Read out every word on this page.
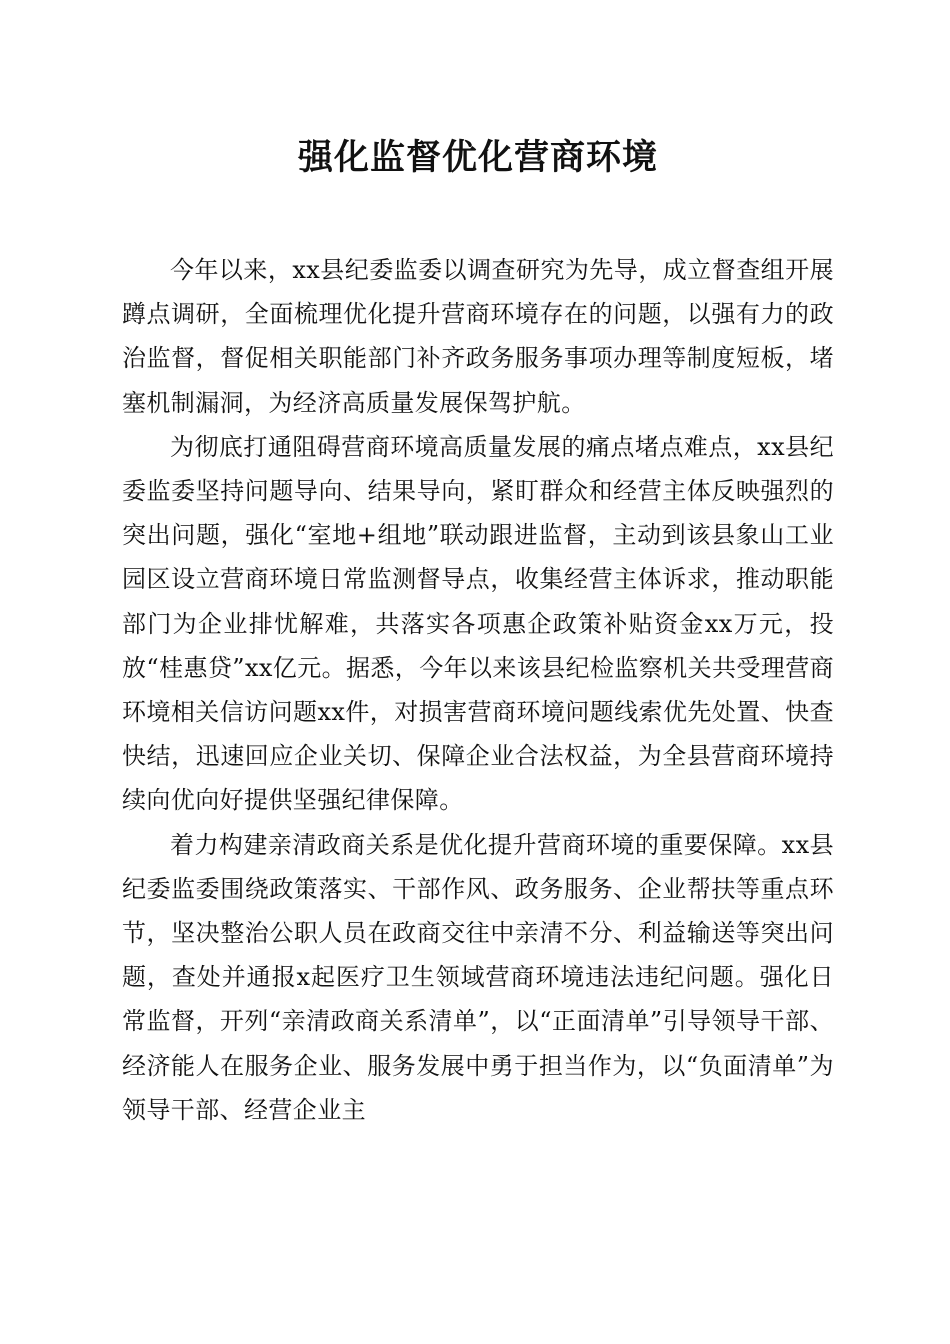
强化监督优化营商环境

今年以来，xx县纪委监委以调查研究为先导，成立督查组开展蹲点调研，全面梳理优化提升营商环境存在的问题，以强有力的政治监督，督促相关职能部门补齐政务服务事项办理等制度短板，堵塞机制漏洞，为经济高质量发展保驾护航。

为彻底打通阻碍营商环境高质量发展的痛点堵点难点，xx县纪委监委坚持问题导向、结果导向，紧盯群众和经营主体反映强烈的突出问题，强化“室地+组地”联动跟进监督，主动到该县象山工业园区设立营商环境日常监测督导点，收集经营主体诉求，推动职能部门为企业排忧解难，共落实各项惠企政策补贴资金xx万元，投放“桂惠贷”xx亿元。据悉，今年以来该县纪检监察机关共受理营商环境相关信访问题xx件，对损害营商环境问题线索优先处置、快查快结，迅速回应企业关切、保障企业合法权益，为全县营商环境持续向优向好提供坚强纪律保障。

着力构建亲清政商关系是优化提升营商环境的重要保障。xx县纪委监委围绕政策落实、干部作风、政务服务、企业帮扶等重点环节，坚决整治公职人员在政商交往中亲清不分、利益输送等突出问题，查处并通报x起医疗卫生领域营商环境违法违纪问题。强化日常监督，开列“亲清政商关系清单”，以“正面清单”引导领导干部、经济能人在服务企业、服务发展中勇于担当作为，以“负面清单”为领导干部、经营企业主
